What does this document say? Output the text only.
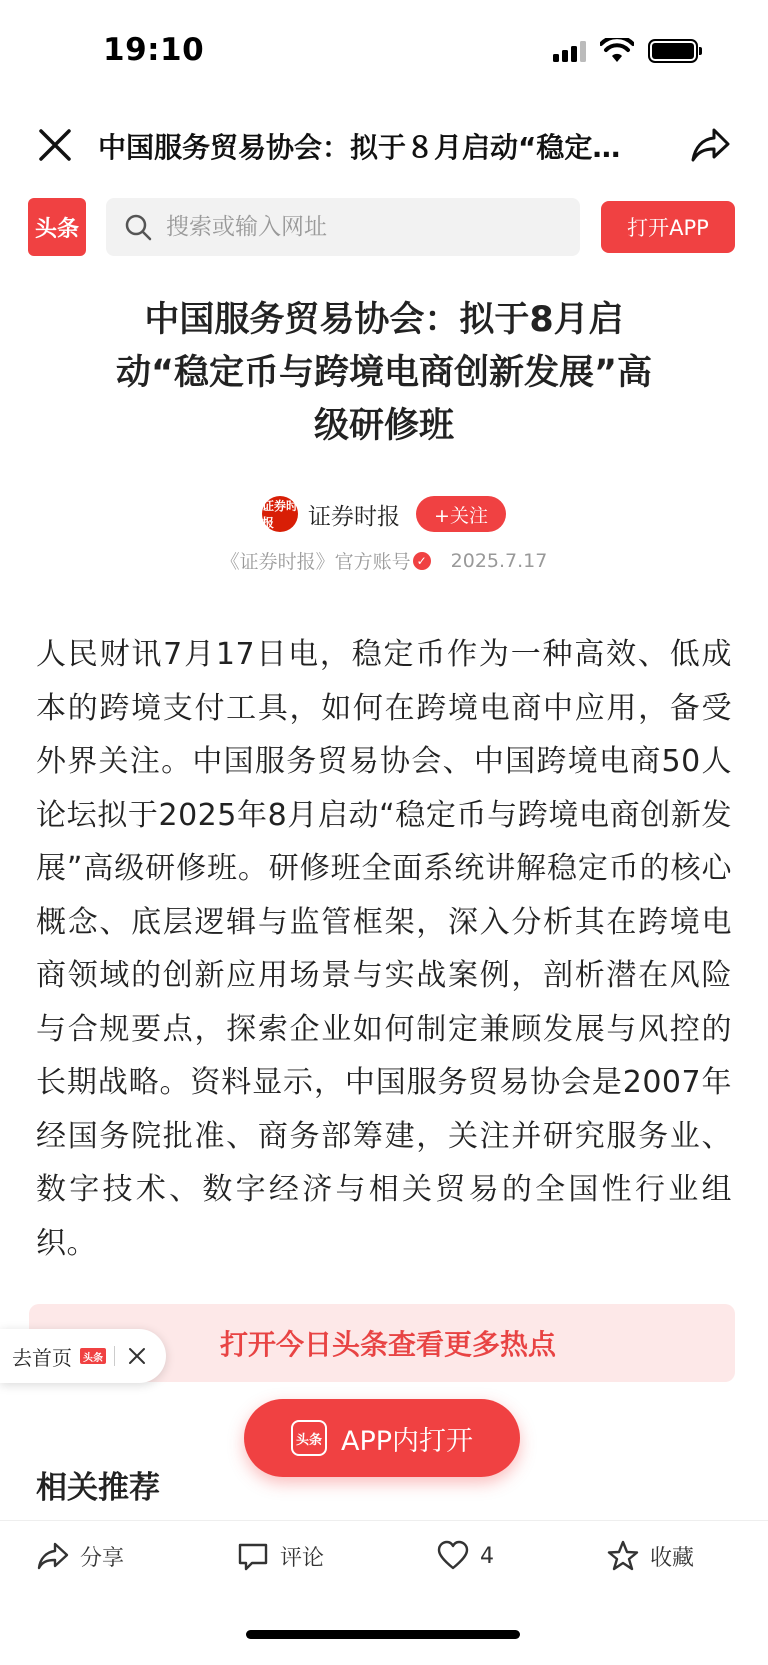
19:10
中国服务贸易协会：拟于８月启动“稳定…
头条
搜索或输入网址	打开APP
中国服务贸易协会：拟于8月启动“稳定币与跨境电商创新发展”高级研修班
证券时报	证券时报	+关注
《证券时报》官方账号 ✓ 2025.7.17
人民财讯7月17日电，稳定币作为一种高效、低成本的跨境支付工具，如何在跨境电商中应用，备受外界关注。中国服务贸易协会、中国跨境电商50人论坛拟于2025年8月启动“稳定币与跨境电商创新发展”高级研修班。研修班全面系统讲解稳定币的核心概念、底层逻辑与监管框架，深入分析其在跨境电商领域的创新应用场景与实战案例，剖析潜在风险与合规要点，探索企业如何制定兼顾发展与风控的长期战略。资料显示，中国服务贸易协会是2007年经国务院批准、商务部筹建，关注并研究服务业、数字技术、数字经济与相关贸易的全国性行业组织。
打开今日头条查看更多热点
去首页	头条
相关推荐
头条 APP内打开
分享	评论	4	收藏
